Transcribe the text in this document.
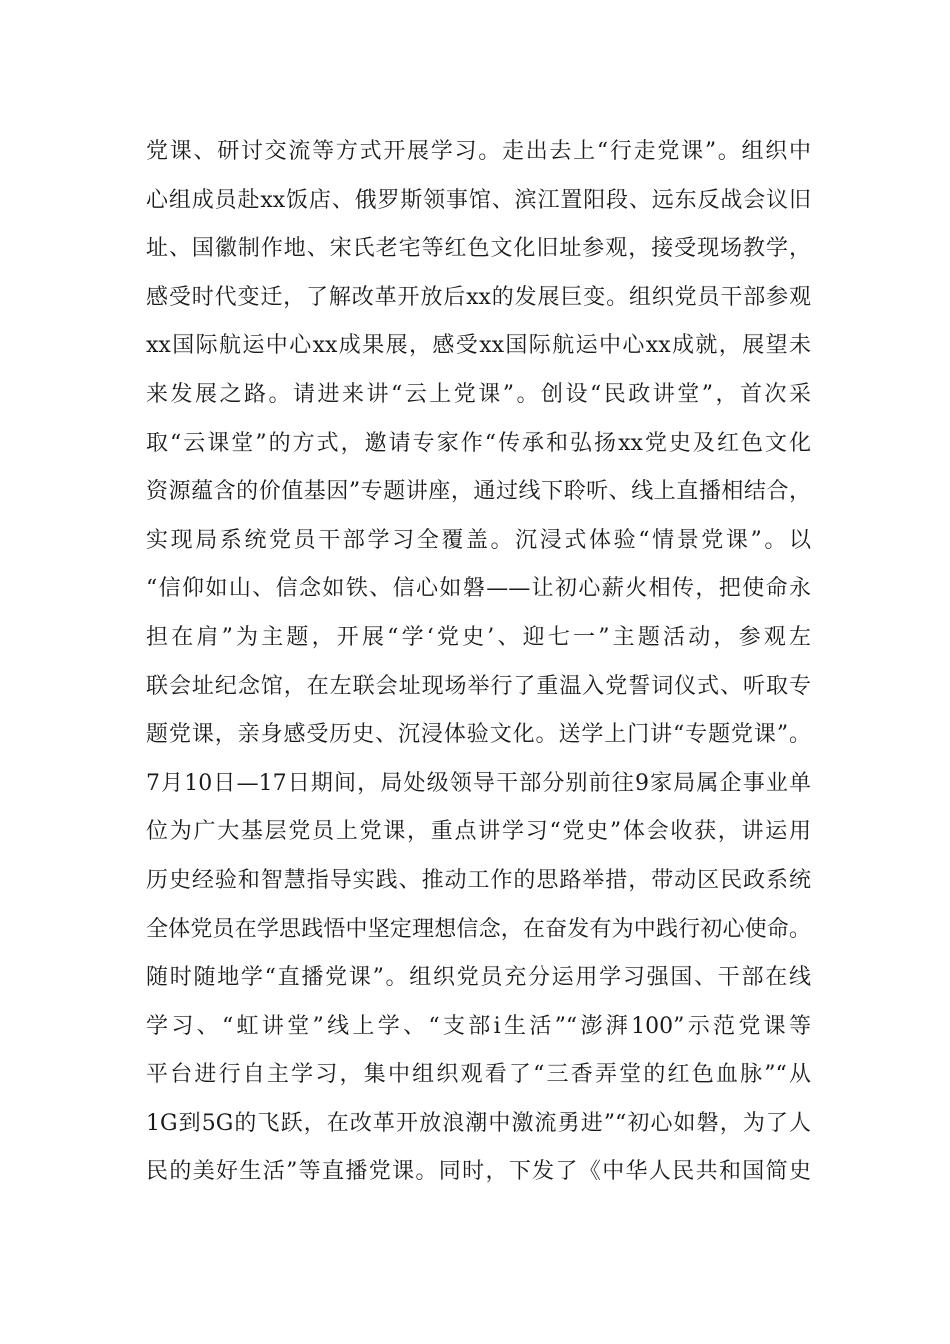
党课、研讨交流等方式开展学习。走出去上“行走党课”。组织中
心组成员赴xx饭店、俄罗斯领事馆、滨江置阳段、远东反战会议旧
址、国徽制作地、宋氏老宅等红色文化旧址参观，接受现场教学，
感受时代变迁，了解改革开放后xx的发展巨变。组织党员干部参观
xx国际航运中心xx成果展，感受xx国际航运中心xx成就，展望未
来发展之路。请进来讲“云上党课”。创设“民政讲堂”，首次采
取“云课堂”的方式，邀请专家作“传承和弘扬xx党史及红色文化
资源蕴含的价值基因”专题讲座，通过线下聆听、线上直播相结合，
实现局系统党员干部学习全覆盖。沉浸式体验“情景党课”。以
“信仰如山、信念如铁、信心如磐——让初心薪火相传，把使命永
担在肩”为主题，开展“学‘党史’、迎七一”主题活动，参观左
联会址纪念馆，在左联会址现场举行了重温入党誓词仪式、听取专
题党课，亲身感受历史、沉浸体验文化。送学上门讲“专题党课”。
7月10日—17日期间，局处级领导干部分别前往9家局属企事业单
位为广大基层党员上党课，重点讲学习“党史”体会收获，讲运用
历史经验和智慧指导实践、推动工作的思路举措，带动区民政系统
全体党员在学思践悟中坚定理想信念，在奋发有为中践行初心使命。
随时随地学“直播党课”。组织党员充分运用学习强国、干部在线
学习、“虹讲堂”线上学、“支部i生活”“澎湃100”示范党课等
平台进行自主学习，集中组织观看了“三香弄堂的红色血脉”“从
1G到5G的飞跃，在改革开放浪潮中激流勇进”“初心如磐，为了人
民的美好生活”等直播党课。同时，下发了《中华人民共和国简史
